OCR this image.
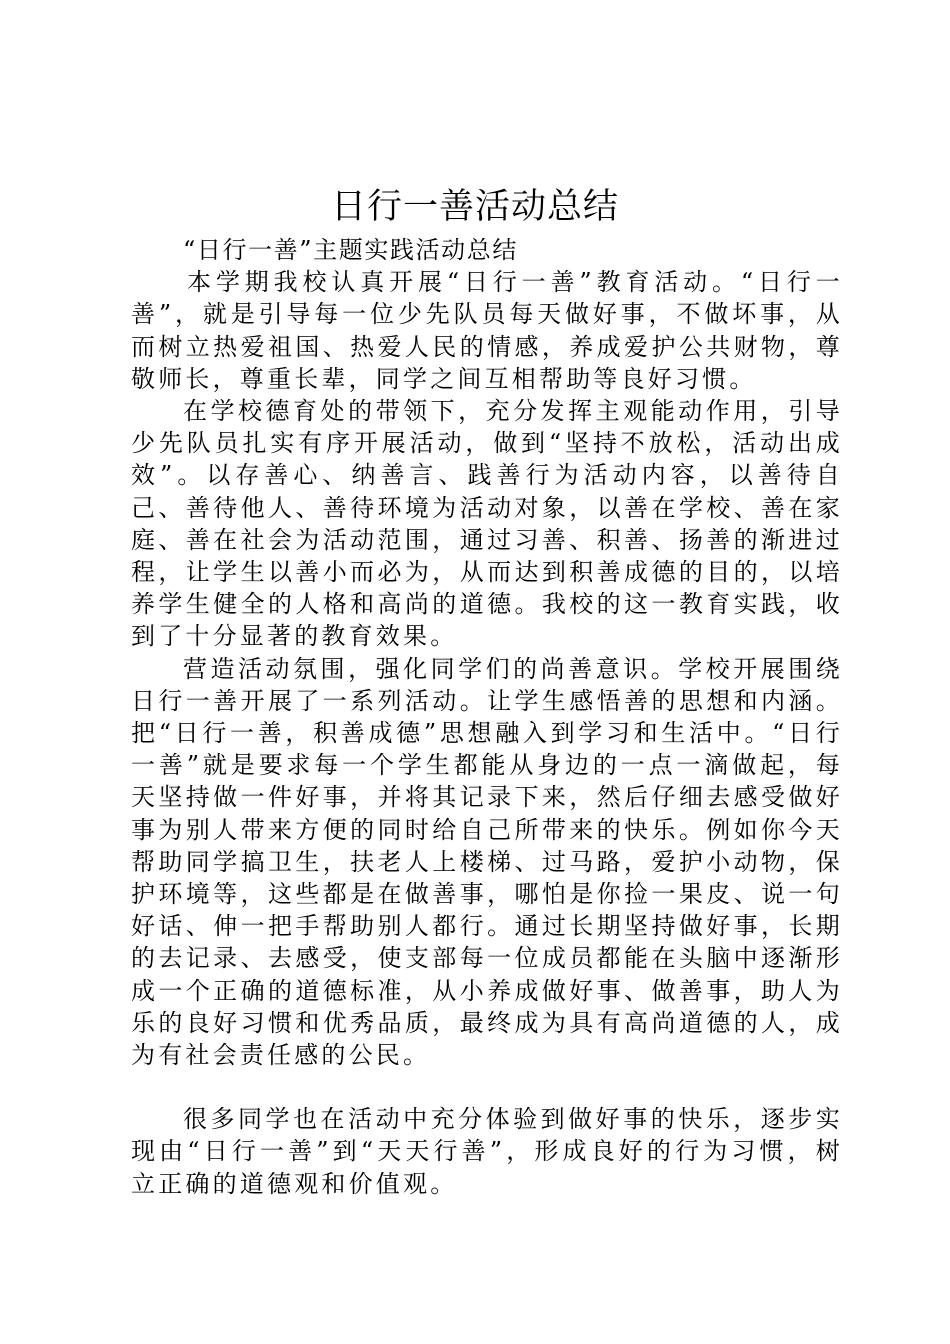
日行一善活动总结

“日行一善”主题实践活动总结

本学期我校认真开展“日行一善”教育活动。“日行一善”，就是引导每一位少先队员每天做好事，不做坏事，从而树立热爱祖国、热爱人民的情感，养成爱护公共财物，尊敬师长，尊重长辈，同学之间互相帮助等良好习惯。

在学校德育处的带领下，充分发挥主观能动作用，引导少先队员扎实有序开展活动，做到“坚持不放松，活动出成效”。以存善心、纳善言、践善行为活动内容，以善待自己、善待他人、善待环境为活动对象，以善在学校、善在家庭、善在社会为活动范围，通过习善、积善、扬善的渐进过程，让学生以善小而必为，从而达到积善成德的目的，以培养学生健全的人格和高尚的道德。我校的这一教育实践，收到了十分显著的教育效果。

营造活动氛围，强化同学们的尚善意识。学校开展围绕日行一善开展了一系列活动。让学生感悟善的思想和内涵。把“日行一善，积善成德”思想融入到学习和生活中。“日行一善”就是要求每一个学生都能从身边的一点一滴做起，每天坚持做一件好事，并将其记录下来，然后仔细去感受做好事为别人带来方便的同时给自己所带来的快乐。例如你今天帮助同学搞卫生，扶老人上楼梯、过马路，爱护小动物，保护环境等，这些都是在做善事，哪怕是你捡一果皮、说一句好话、伸一把手帮助别人都行。通过长期坚持做好事，长期的去记录、去感受，使支部每一位成员都能在头脑中逐渐形成一个正确的道德标准，从小养成做好事、做善事，助人为乐的良好习惯和优秀品质，最终成为具有高尚道德的人，成为有社会责任感的公民。

很多同学也在活动中充分体验到做好事的快乐，逐步实现由“日行一善”到“天天行善”，形成良好的行为习惯，树立正确的道德观和价值观。
